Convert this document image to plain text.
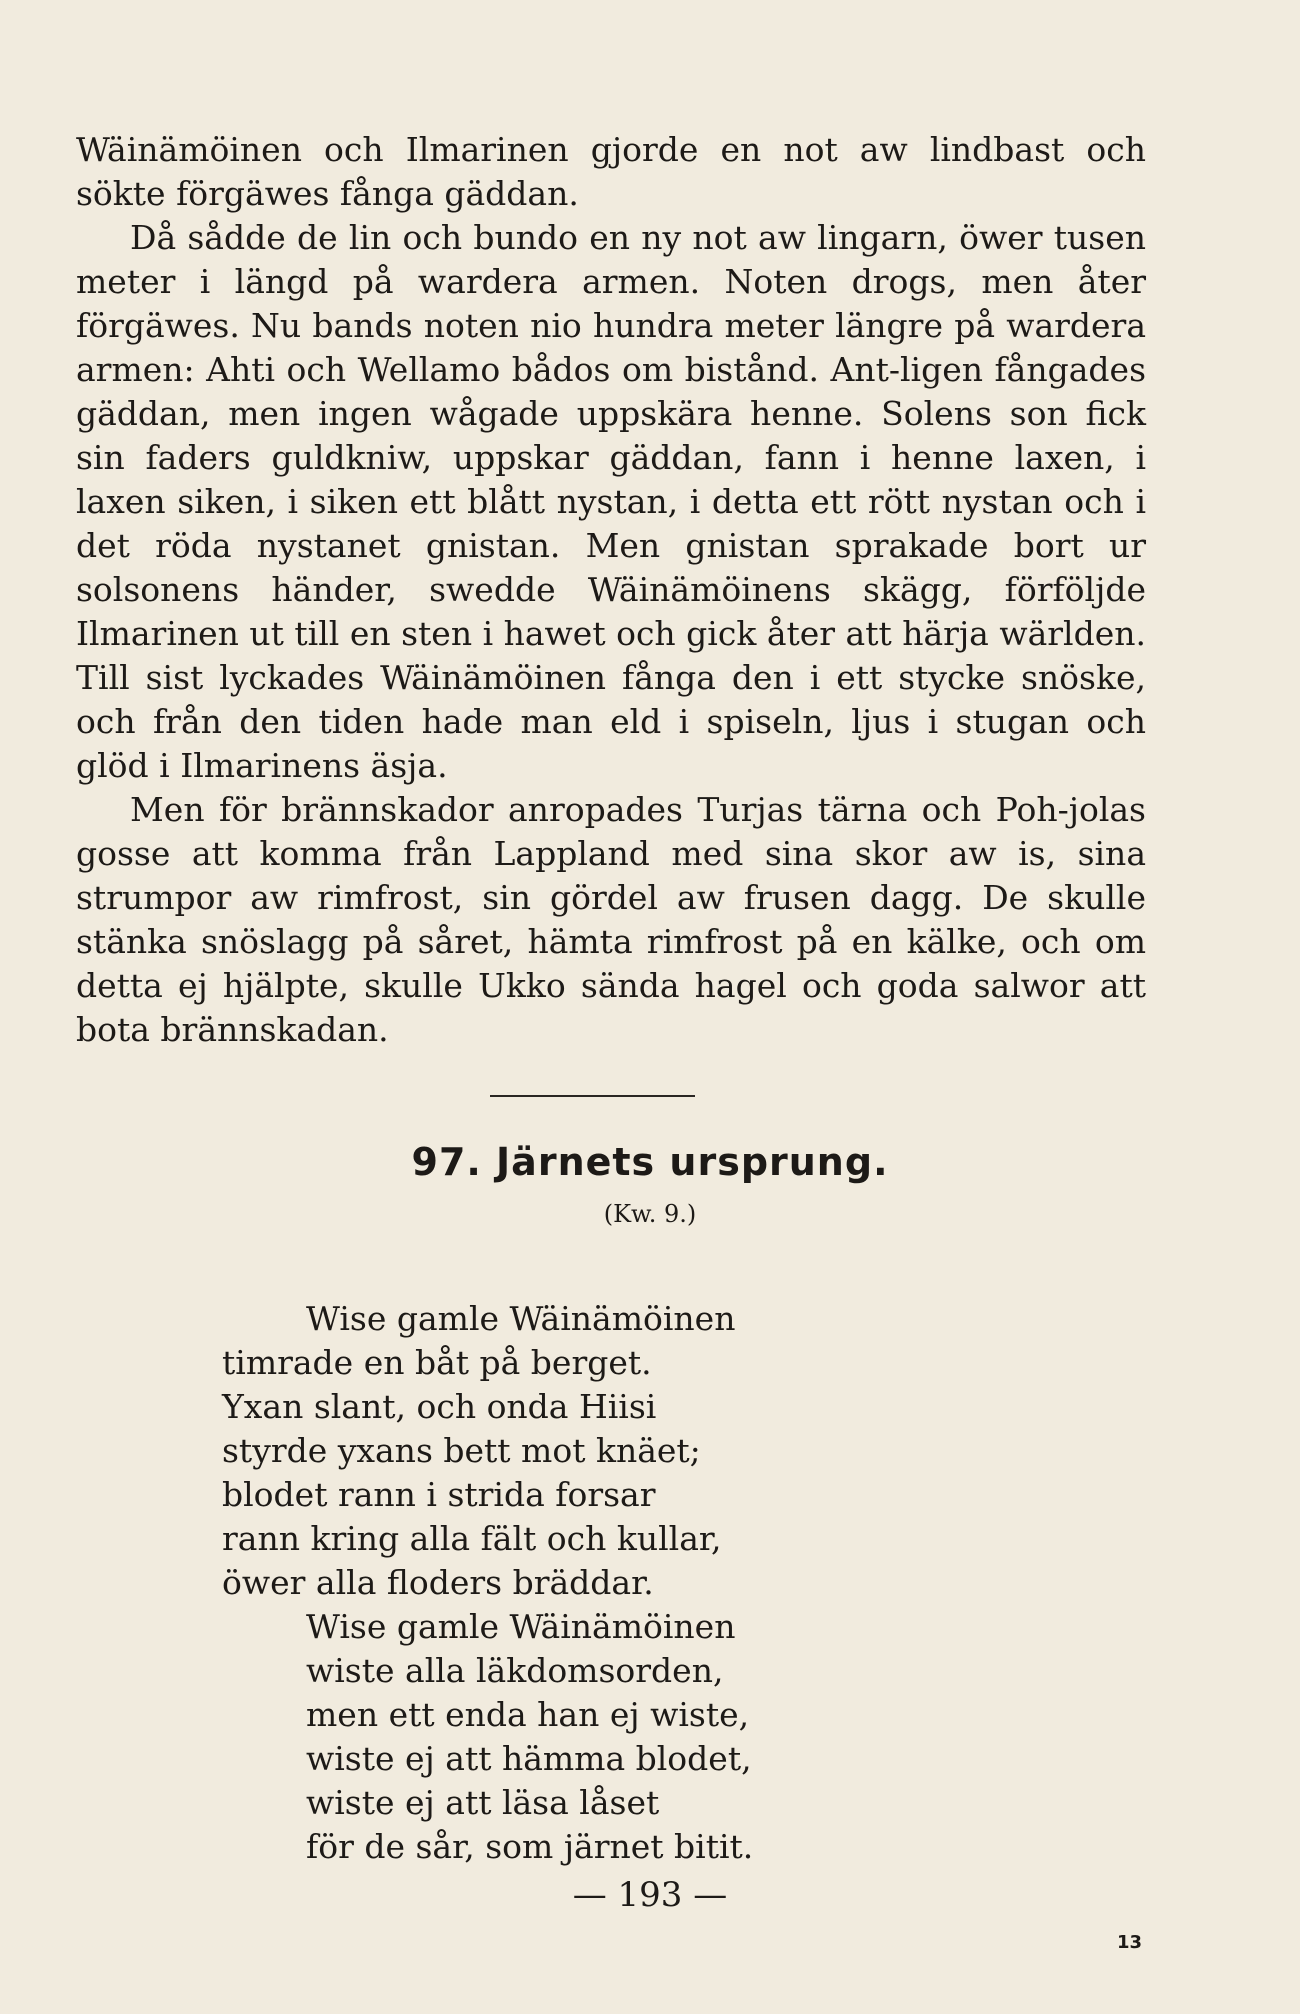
Wäinämöinen och Ilmarinen gjorde en not aw lindbast och sökte förgäwes fånga gäddan.

Då sådde de lin och bundo en ny not aw lingarn, öwer tusen meter i längd på wardera armen. Noten drogs, men åter förgäwes. Nu bands noten nio hundra meter längre på wardera armen: Ahti och Wellamo bådos om bistånd. Ant-ligen fångades gäddan, men ingen wågade uppskära henne. Solens son fick sin faders guldkniw, uppskar gäddan, fann i henne laxen, i laxen siken, i siken ett blått nystan, i detta ett rött nystan och i det röda nystanet gnistan. Men gnistan sprakade bort ur solsonens händer, swedde Wäinämöinens skägg, förföljde Ilmarinen ut till en sten i hawet och gick åter att härja wärlden. Till sist lyckades Wäinämöinen fånga den i ett stycke snöske, och från den tiden hade man eld i spiseln, ljus i stugan och glöd i Ilmarinens äsja.

Men för brännskador anropades Turjas tärna och Poh-jolas gosse att komma från Lappland med sina skor aw is, sina strumpor aw rimfrost, sin gördel aw frusen dagg. De skulle stänka snöslagg på såret, hämta rimfrost på en kälke, och om detta ej hjälpte, skulle Ukko sända hagel och goda salwor att bota brännskadan.

97. Järnets ursprung.
(Kw. 9.)
Wise gamle Wäinämöinen
timrade en båt på berget.
Yxan slant, och onda Hiisi
styrde yxans bett mot knäet;
blodet rann i strida forsar
rann kring alla fält och kullar,
öwer alla floders bräddar.
Wise gamle Wäinämöinen
wiste alla läkdomsorden,
men ett enda han ej wiste,
wiste ej att hämma blodet,
wiste ej att läsa låset
för de sår, som järnet bitit.
— 193 —
13
